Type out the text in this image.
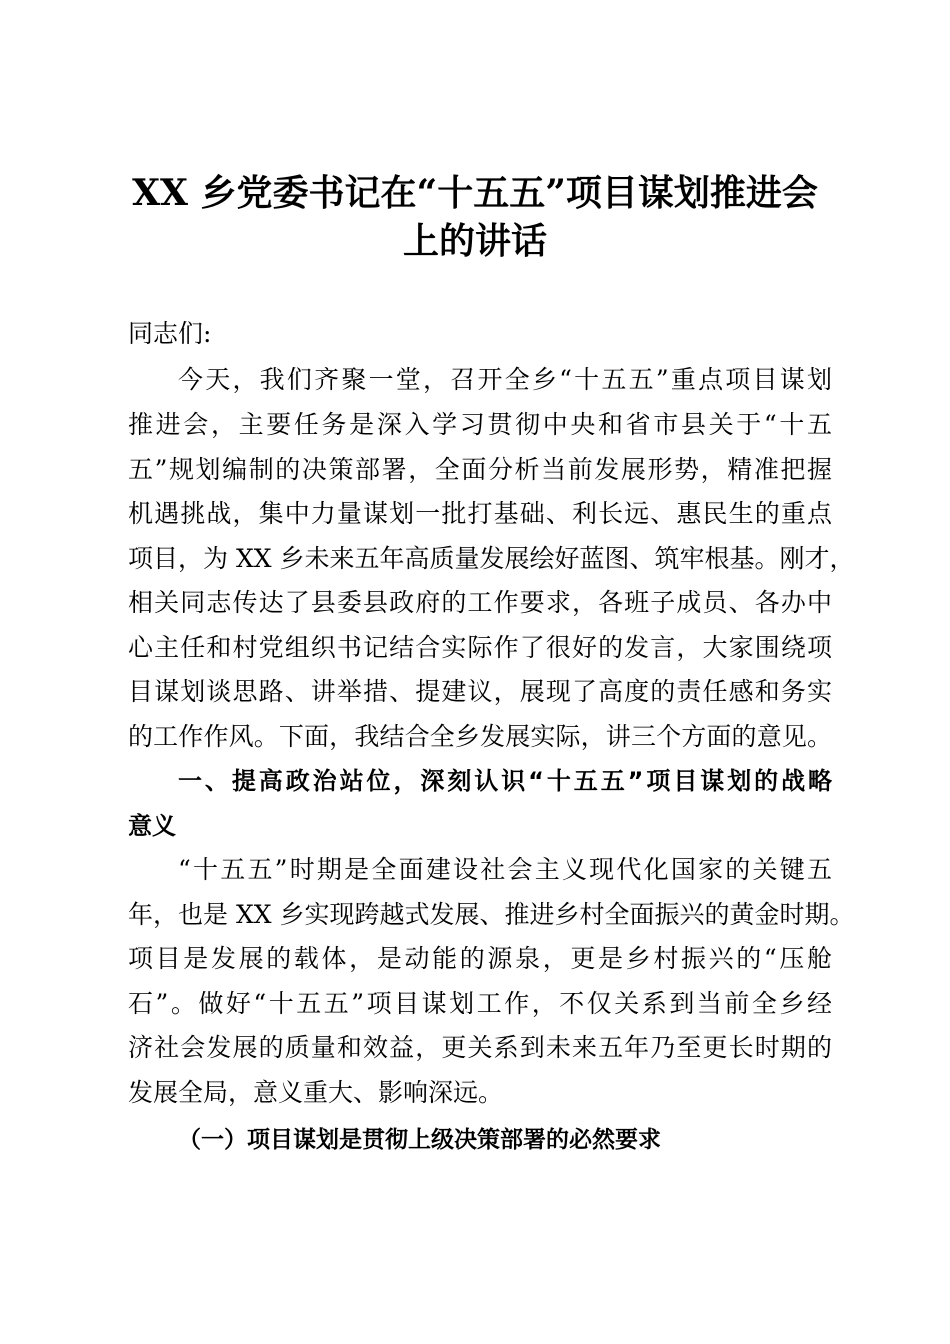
XX 乡党委书记在“十五五”项目谋划推进会
上的讲话

同志们:

今天，我们齐聚一堂，召开全乡“十五五”重点项目谋划

推进会，主要任务是深入学习贯彻中央和省市县关于“十五

五”规划编制的决策部署，全面分析当前发展形势，精准把握

机遇挑战，集中力量谋划一批打基础、利长远、惠民生的重点

项目，为 XX 乡未来五年高质量发展绘好蓝图、筑牢根基。刚才，

相关同志传达了县委县政府的工作要求，各班子成员、各办中

心主任和村党组织书记结合实际作了很好的发言，大家围绕项

目谋划谈思路、讲举措、提建议，展现了高度的责任感和务实

的工作作风。下面，我结合全乡发展实际，讲三个方面的意见。

一、提高政治站位，深刻认识“十五五”项目谋划的战略

意义

“十五五”时期是全面建设社会主义现代化国家的关键五

年，也是 XX 乡实现跨越式发展、推进乡村全面振兴的黄金时期。

项目是发展的载体，是动能的源泉，更是乡村振兴的“压舱

石”。做好“十五五”项目谋划工作，不仅关系到当前全乡经

济社会发展的质量和效益，更关系到未来五年乃至更长时期的

发展全局，意义重大、影响深远。

（一）项目谋划是贯彻上级决策部署的必然要求
